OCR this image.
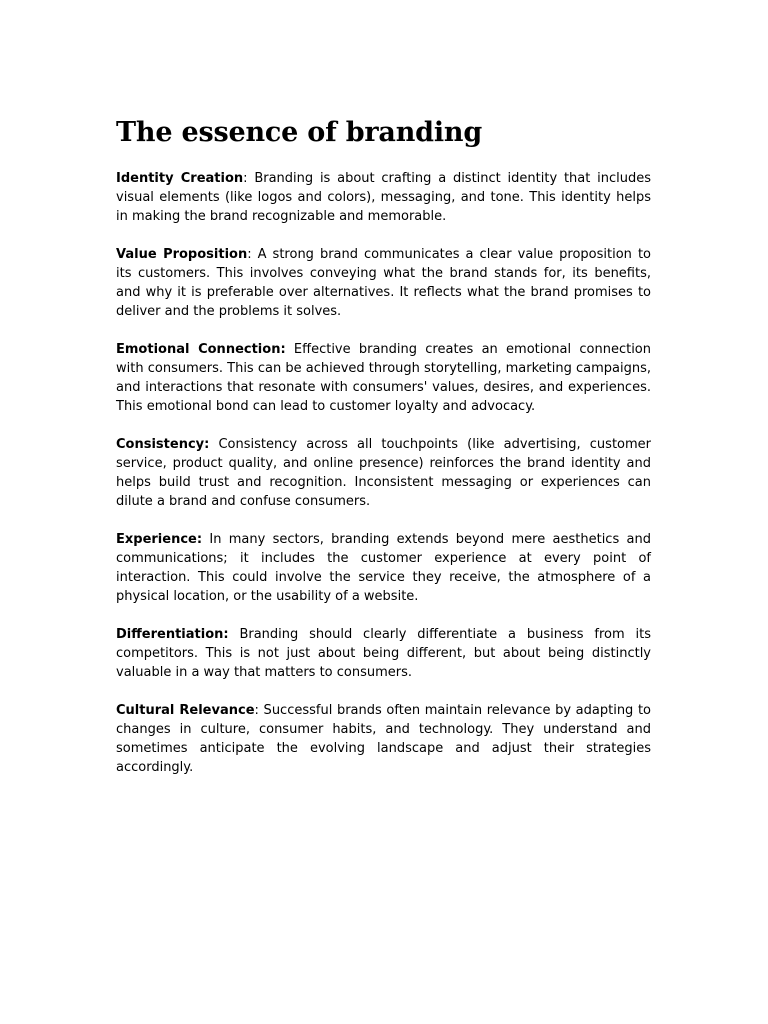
The essence of branding

Identity Creation: Branding is about crafting a distinct identity that includes visual elements (like logos and colors), messaging, and tone. This identity helps in making the brand recognizable and memorable.

Value Proposition: A strong brand communicates a clear value proposition to its customers. This involves conveying what the brand stands for, its benefits, and why it is preferable over alternatives. It reflects what the brand promises to deliver and the problems it solves.

Emotional Connection: Effective branding creates an emotional connection with consumers. This can be achieved through storytelling, marketing campaigns, and interactions that resonate with consumers' values, desires, and experiences. This emotional bond can lead to customer loyalty and advocacy.

Consistency: Consistency across all touchpoints (like advertising, customer service, product quality, and online presence) reinforces the brand identity and helps build trust and recognition. Inconsistent messaging or experiences can dilute a brand and confuse consumers.

Experience: In many sectors, branding extends beyond mere aesthetics and communications; it includes the customer experience at every point of interaction. This could involve the service they receive, the atmosphere of a physical location, or the usability of a website.

Differentiation: Branding should clearly differentiate a business from its competitors. This is not just about being different, but about being distinctly valuable in a way that matters to consumers.

Cultural Relevance: Successful brands often maintain relevance by adapting to changes in culture, consumer habits, and technology. They understand and sometimes anticipate the evolving landscape and adjust their strategies accordingly.
